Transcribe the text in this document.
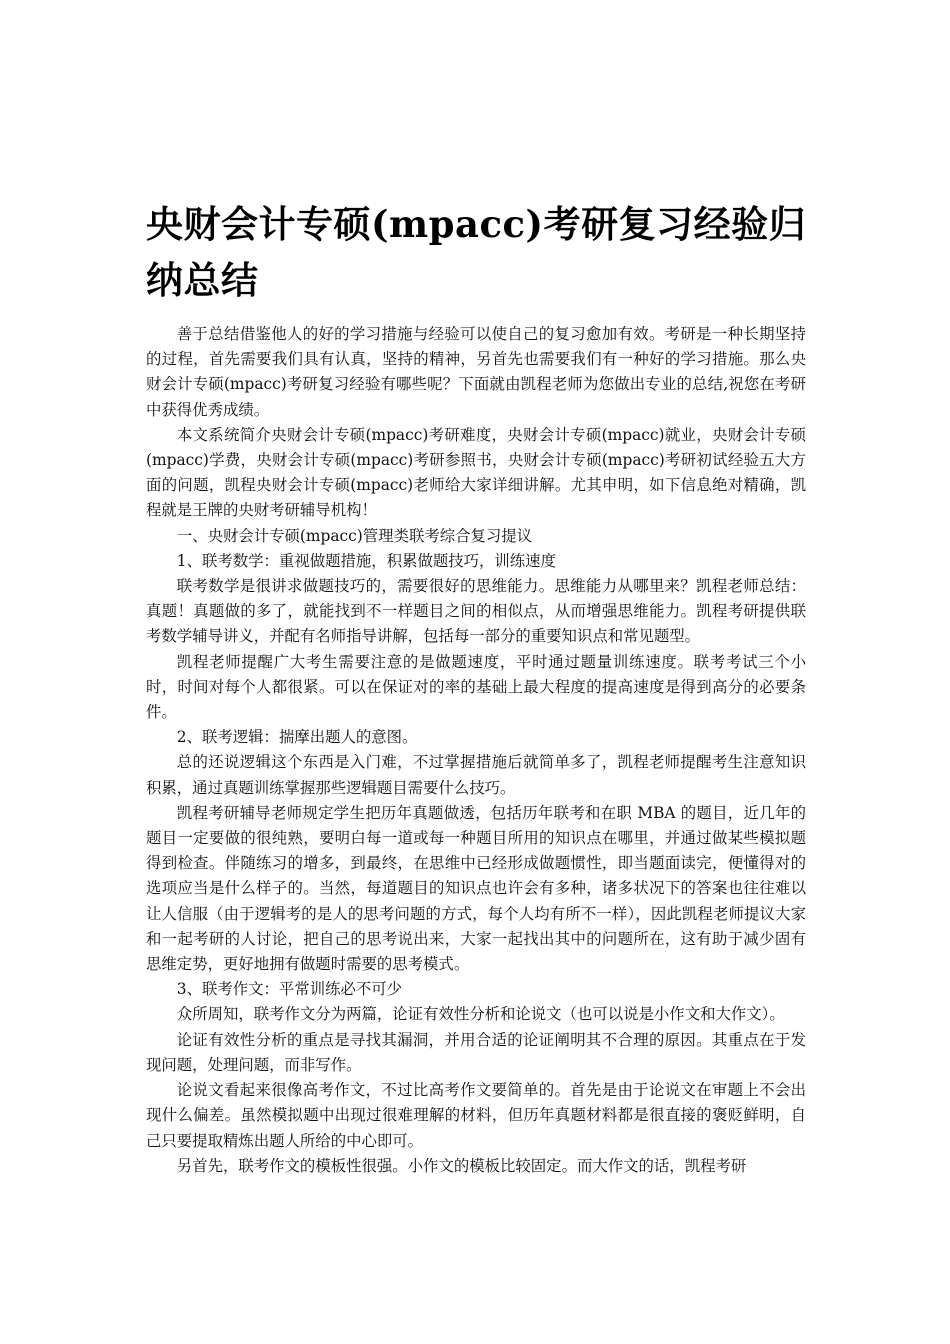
央财会计专硕(mpacc)考研复习经验归纳总结

善于总结借鉴他人的好的学习措施与经验可以使自己的复习愈加有效。考研是一种长期坚持的过程，首先需要我们具有认真，坚持的精神，另首先也需要我们有一种好的学习措施。那么央财会计专硕(mpacc)考研复习经验有哪些呢？下面就由凯程老师为您做出专业的总结,祝您在考研中获得优秀成绩。

本文系统简介央财会计专硕(mpacc)考研难度，央财会计专硕(mpacc)就业，央财会计专硕(mpacc)学费，央财会计专硕(mpacc)考研参照书，央财会计专硕(mpacc)考研初试经验五大方面的问题，凯程央财会计专硕(mpacc)老师给大家详细讲解。尤其申明，如下信息绝对精确，凯程就是王牌的央财考研辅导机构！

一、央财会计专硕(mpacc)管理类联考综合复习提议

1、联考数学：重视做题措施，积累做题技巧，训练速度

联考数学是很讲求做题技巧的，需要很好的思维能力。思维能力从哪里来？凯程老师总结：真题！真题做的多了，就能找到不一样题目之间的相似点，从而增强思维能力。凯程考研提供联考数学辅导讲义，并配有名师指导讲解，包括每一部分的重要知识点和常见题型。

凯程老师提醒广大考生需要注意的是做题速度，平时通过题量训练速度。联考考试三个小时，时间对每个人都很紧。可以在保证对的率的基础上最大程度的提高速度是得到高分的必要条件。

2、联考逻辑：揣摩出题人的意图。

总的还说逻辑这个东西是入门难，不过掌握措施后就简单多了，凯程老师提醒考生注意知识积累，通过真题训练掌握那些逻辑题目需要什么技巧。

凯程考研辅导老师规定学生把历年真题做透，包括历年联考和在职 MBA 的题目，近几年的题目一定要做的很纯熟，要明白每一道或每一种题目所用的知识点在哪里，并通过做某些模拟题得到检查。伴随练习的增多，到最终，在思维中已经形成做题惯性，即当题面读完，便懂得对的选项应当是什么样子的。当然，每道题目的知识点也许会有多种，诸多状况下的答案也往往难以让人信服（由于逻辑考的是人的思考问题的方式，每个人均有所不一样），因此凯程老师提议大家和一起考研的人讨论，把自己的思考说出来，大家一起找出其中的问题所在，这有助于减少固有思维定势，更好地拥有做题时需要的思考模式。

3、联考作文：平常训练必不可少

众所周知，联考作文分为两篇，论证有效性分析和论说文（也可以说是小作文和大作文）。

论证有效性分析的重点是寻找其漏洞，并用合适的论证阐明其不合理的原因。其重点在于发现问题，处理问题，而非写作。

论说文看起来很像高考作文，不过比高考作文要简单的。首先是由于论说文在审题上不会出现什么偏差。虽然模拟题中出现过很难理解的材料，但历年真题材料都是很直接的褒贬鲜明，自己只要提取精炼出题人所给的中心即可。

另首先，联考作文的模板性很强。小作文的模板比较固定。而大作文的话，凯程考研
